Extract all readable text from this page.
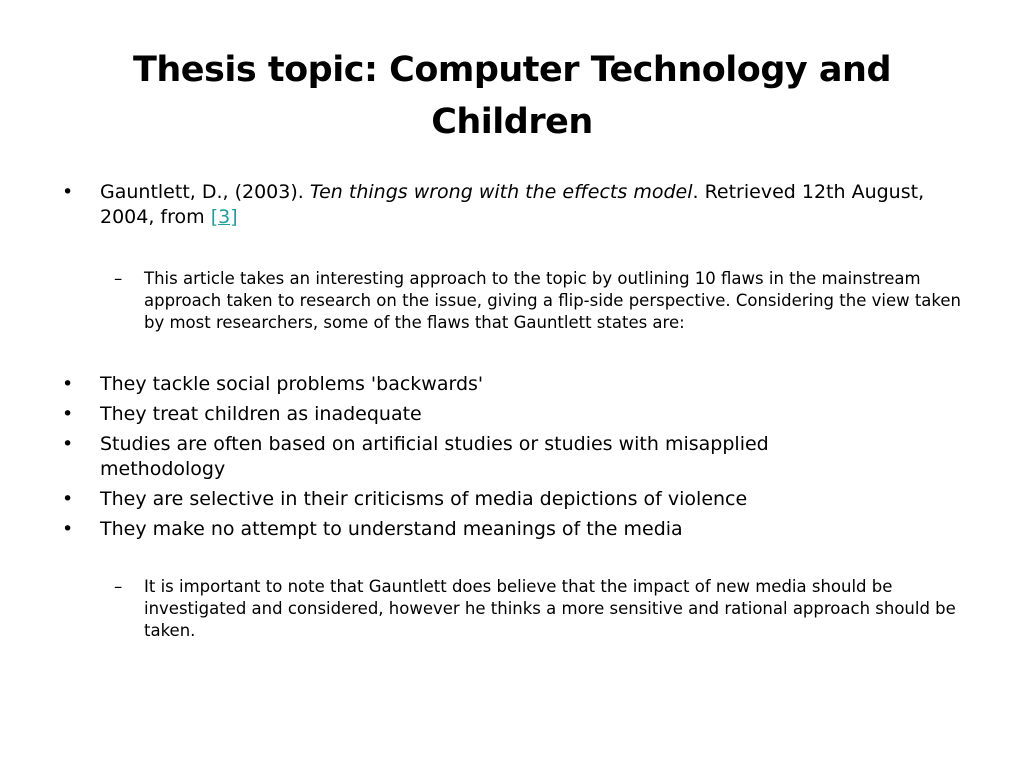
Thesis topic: Computer Technology and
Children
•	Gauntlett, D., (2003). Ten things wrong with the effects model. Retrieved 12th August, 2004, from [3]
– This article takes an interesting approach to the topic by outlining 10 flaws in the mainstream approach taken to research on the issue, giving a flip-side perspective. Considering the view taken by most researchers, some of the flaws that Gauntlett states are:
•	They tackle social problems 'backwards'
•	They treat children as inadequate
•	Studies are often based on artificial studies or studies with misapplied methodology
•	They are selective in their criticisms of media depictions of violence
•	They make no attempt to understand meanings of the media
– It is important to note that Gauntlett does believe that the impact of new media should be investigated and considered, however he thinks a more sensitive and rational approach should be taken.
